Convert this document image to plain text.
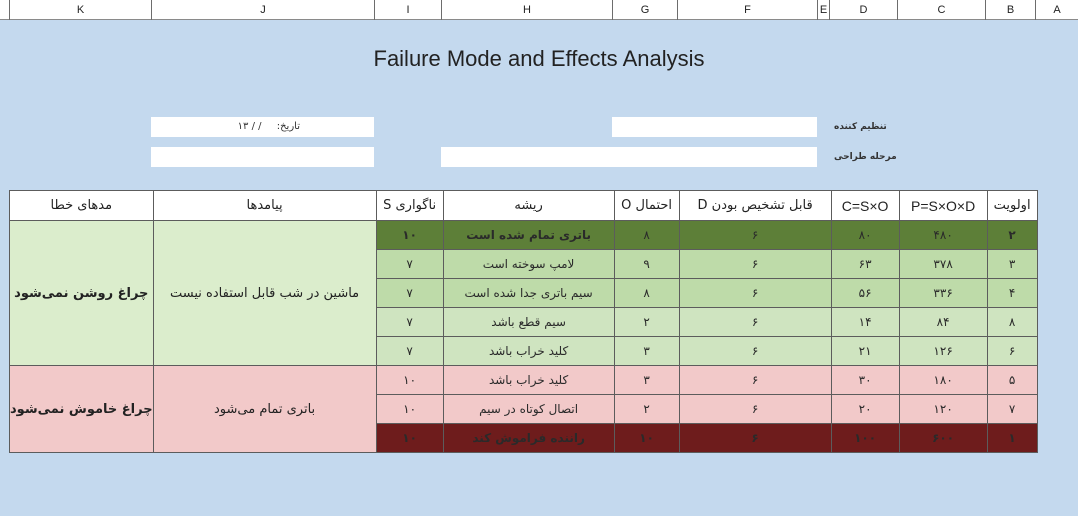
A
B
C
D
E
F
G
H
I
J
K
Failure Mode and Effects Analysis
تاریخ: / / ۱۳	تنظیم کننده
مرحله طراحی
اولویت	P=S×O×D	C=S×O	قابل تشخیص بودن D	احتمال O	ریشه	ناگواری S	پیامدها	مدهای خطا
۲	۴۸۰	۸۰	۶	۸	باتری تمام شده است	۱۰	ماشین در شب قابل استفاده نیست	چراغ روشن نمی‌شود
۳	۳۷۸	۶۳	۶	۹	لامپ سوخته است	۷		
۴	۳۳۶	۵۶	۶	۸	سیم باتری جدا شده است	۷		
۸	۸۴	۱۴	۶	۲	سیم قطع باشد	۷		
۶	۱۲۶	۲۱	۶	۳	کلید خراب باشد	۷		
۵	۱۸۰	۳۰	۶	۳	کلید خراب باشد	۱۰	باتری تمام می‌شود	چراغ خاموش نمی‌شود
۷	۱۲۰	۲۰	۶	۲	اتصال کوتاه در سیم	۱۰		
۱	۶۰۰	۱۰۰	۶	۱۰	راننده فراموش کند	۱۰		
